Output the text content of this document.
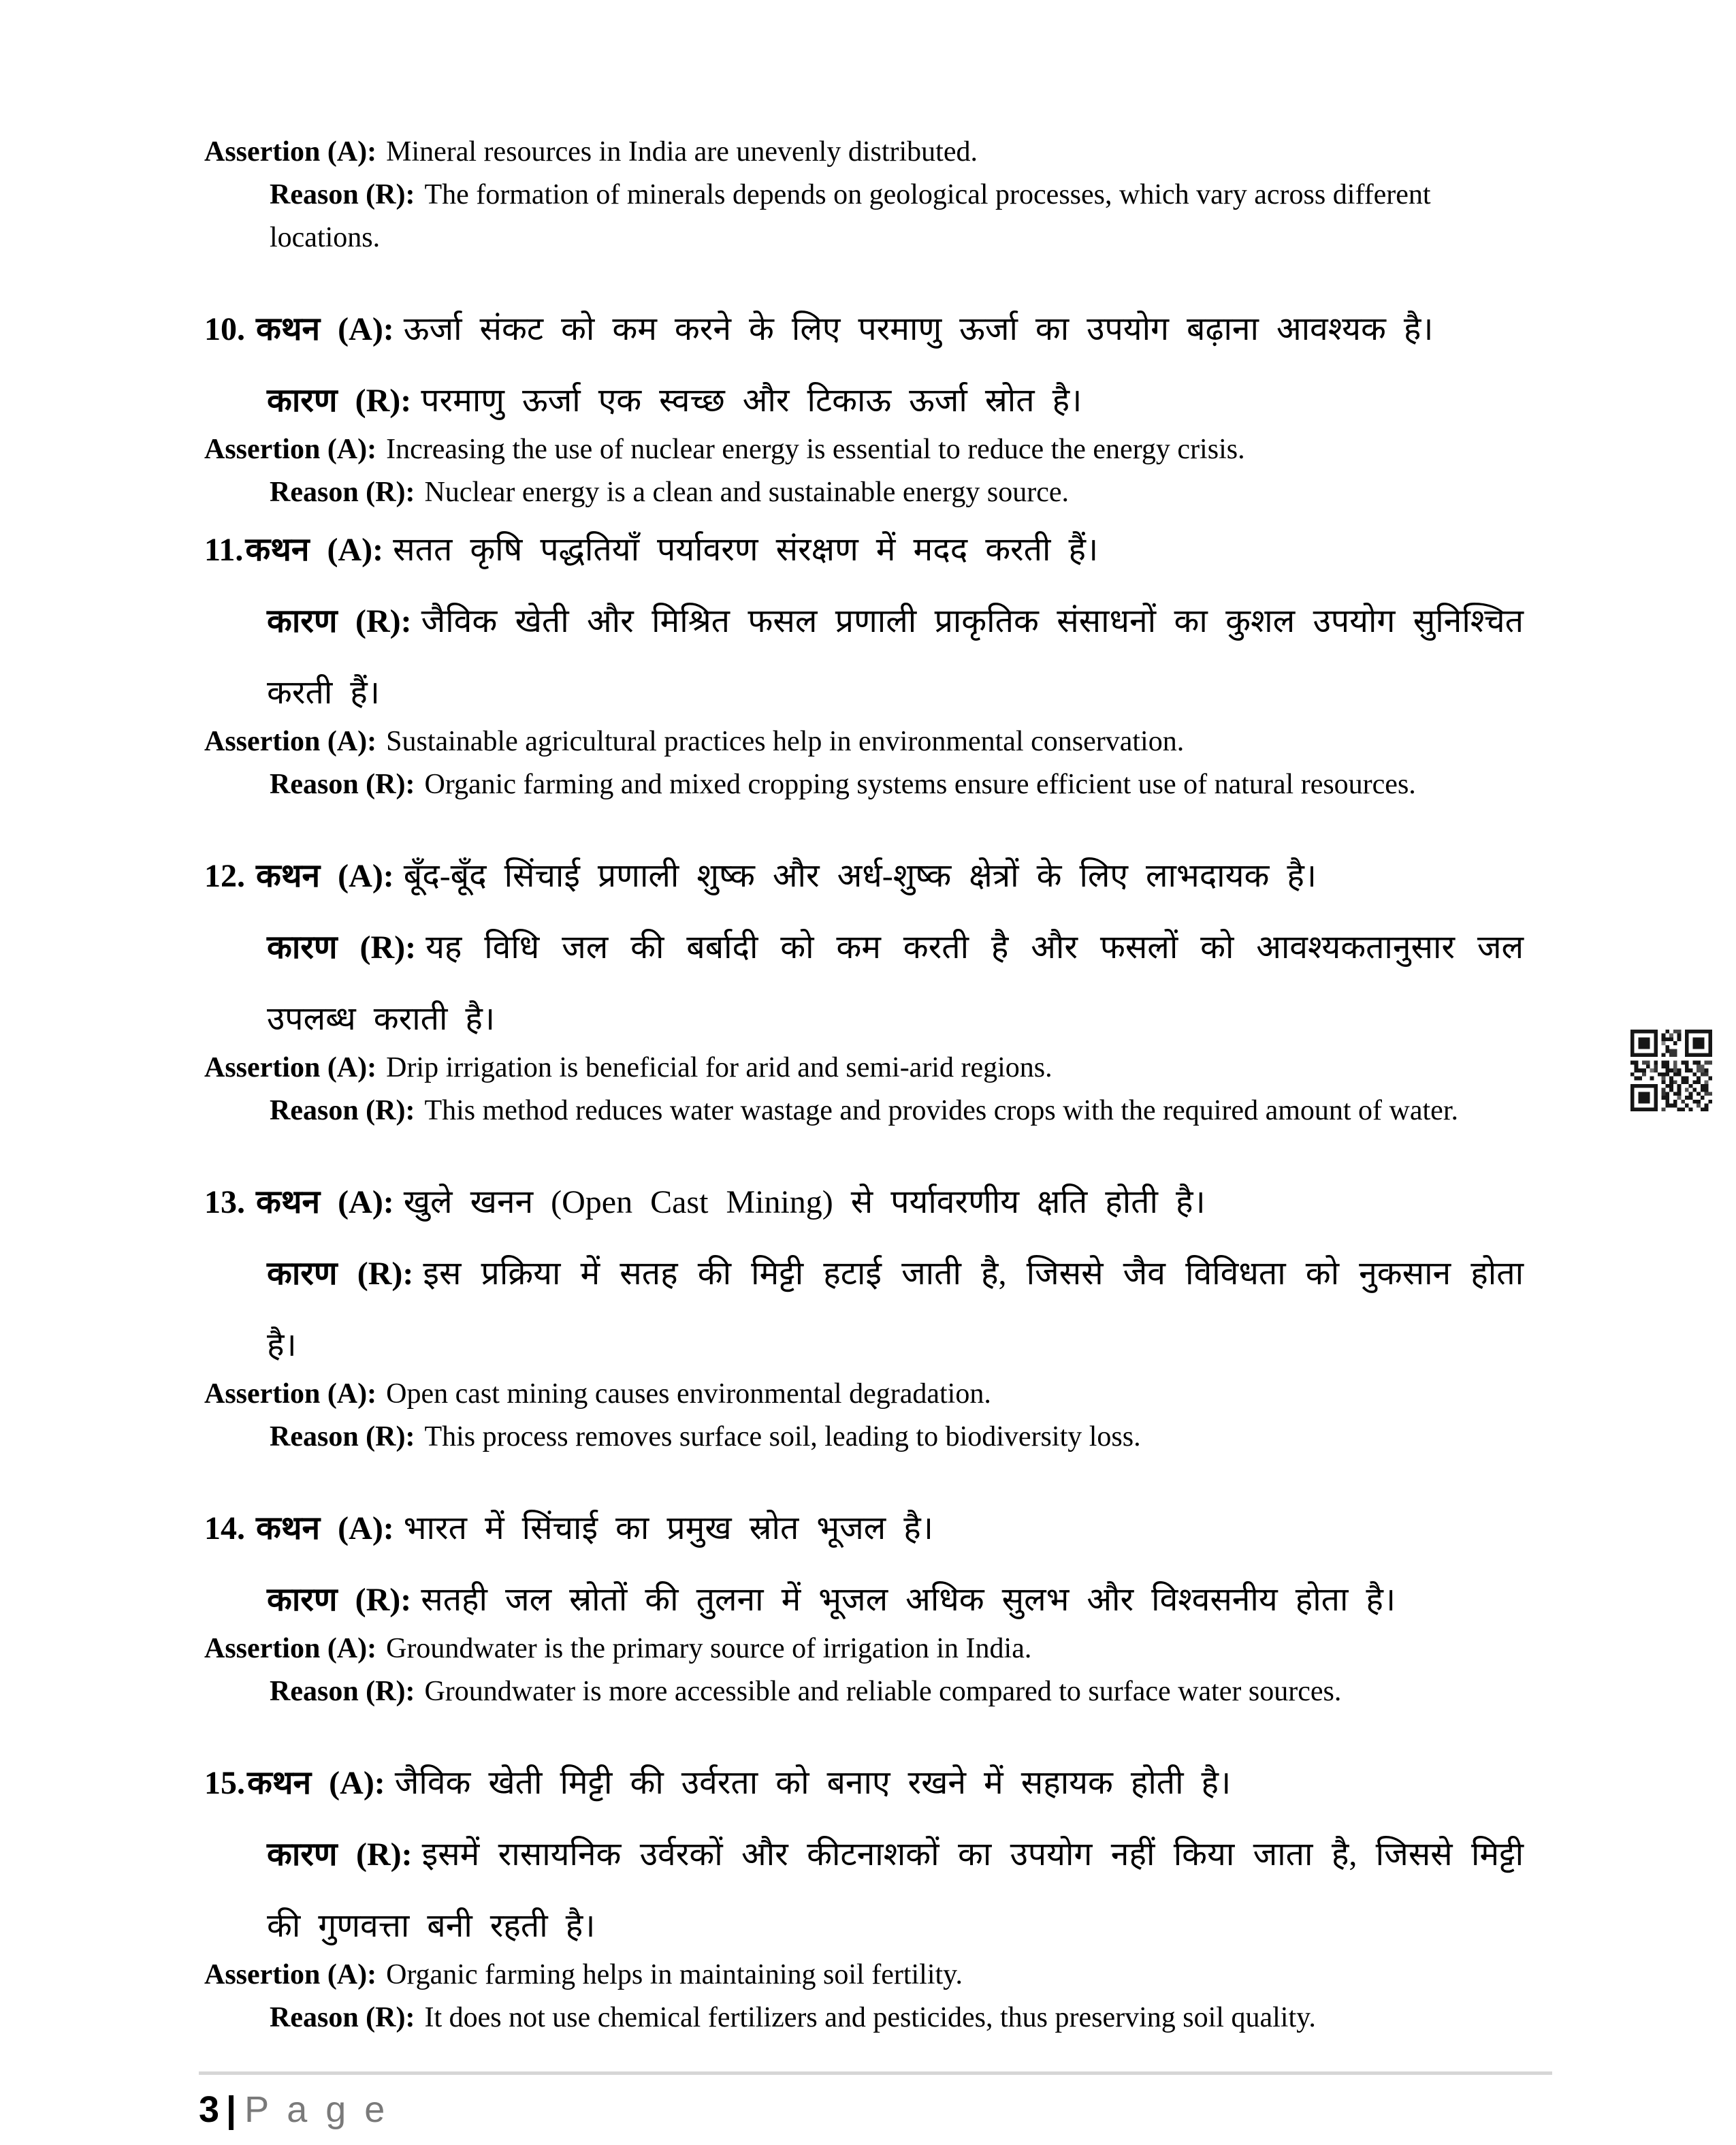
Assertion (A): Mineral resources in India are unevenly distributed.

Reason (R): The formation of minerals depends on geological processes, which vary across different locations.

10. कथन (A): ऊर्जा संकट को कम करने के लिए परमाणु ऊर्जा का उपयोग बढ़ाना आवश्यक है।

कारण (R): परमाणु ऊर्जा एक स्वच्छ और टिकाऊ ऊर्जा स्रोत है।

Assertion (A): Increasing the use of nuclear energy is essential to reduce the energy crisis.

Reason (R): Nuclear energy is a clean and sustainable energy source.

11.कथन (A): सतत कृषि पद्धतियाँ पर्यावरण संरक्षण में मदद करती हैं।

कारण (R): जैविक खेती और मिश्रित फसल प्रणाली प्राकृतिक संसाधनों का कुशल उपयोग सुनिश्चित करती हैं।

Assertion (A): Sustainable agricultural practices help in environmental conservation.

Reason (R): Organic farming and mixed cropping systems ensure efficient use of natural resources.

12. कथन (A): बूँद-बूँद सिंचाई प्रणाली शुष्क और अर्ध-शुष्क क्षेत्रों के लिए लाभदायक है।

कारण (R): यह विधि जल की बर्बादी को कम करती है और फसलों को आवश्यकतानुसार जल उपलब्ध कराती है।

Assertion (A): Drip irrigation is beneficial for arid and semi-arid regions.

Reason (R): This method reduces water wastage and provides crops with the required amount of water.

13. कथन (A): खुले खनन (Open Cast Mining) से पर्यावरणीय क्षति होती है।

कारण (R): इस प्रक्रिया में सतह की मिट्टी हटाई जाती है, जिससे जैव विविधता को नुकसान होता है।

Assertion (A): Open cast mining causes environmental degradation.

Reason (R): This process removes surface soil, leading to biodiversity loss.

14. कथन (A): भारत में सिंचाई का प्रमुख स्रोत भूजल है।

कारण (R): सतही जल स्रोतों की तुलना में भूजल अधिक सुलभ और विश्वसनीय होता है।

Assertion (A): Groundwater is the primary source of irrigation in India.

Reason (R): Groundwater is more accessible and reliable compared to surface water sources.

15.कथन (A): जैविक खेती मिट्टी की उर्वरता को बनाए रखने में सहायक होती है।

कारण (R): इसमें रासायनिक उर्वरकों और कीटनाशकों का उपयोग नहीं किया जाता है, जिससे मिट्टी की गुणवत्ता बनी रहती है।

Assertion (A): Organic farming helps in maintaining soil fertility.

Reason (R): It does not use chemical fertilizers and pesticides, thus preserving soil quality.

3 | P a g e
